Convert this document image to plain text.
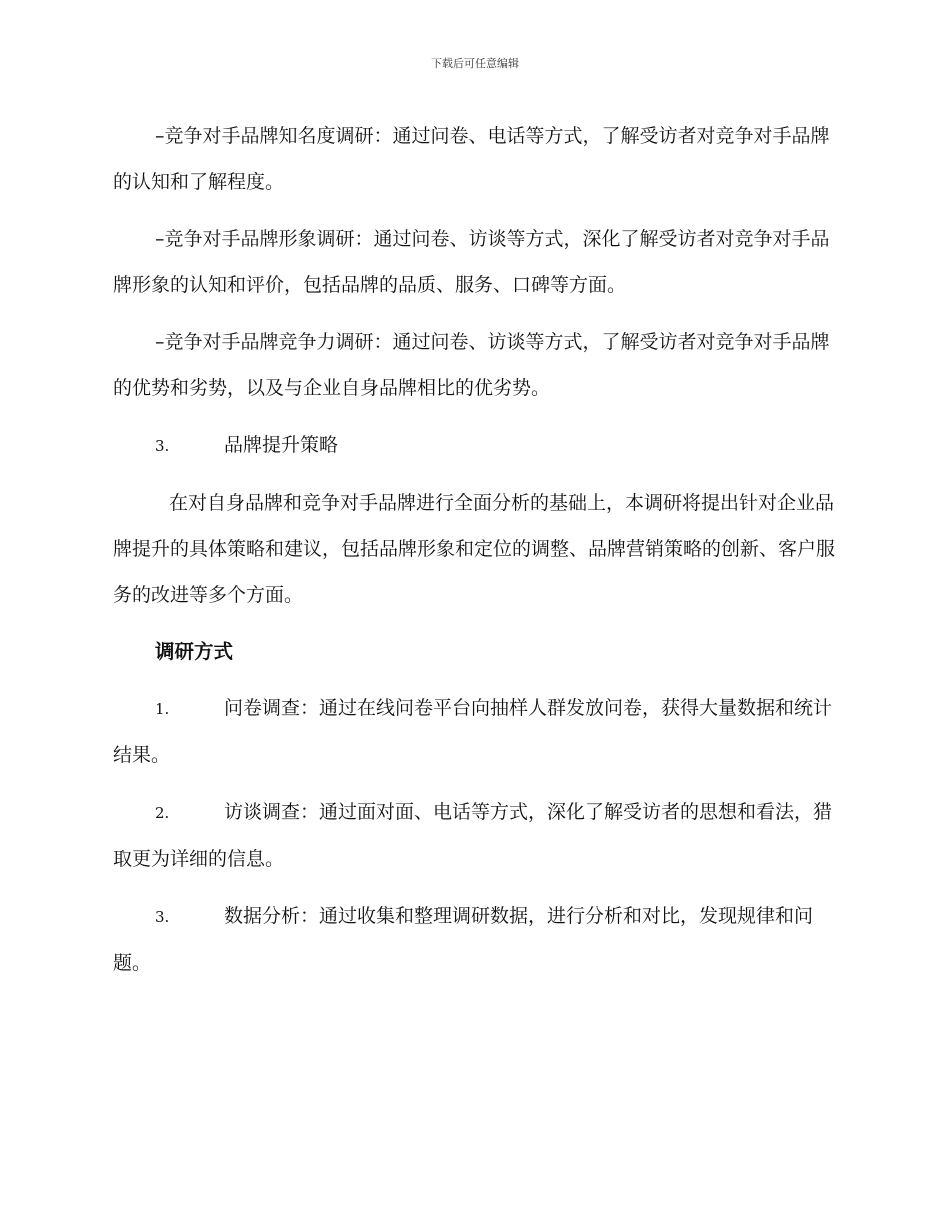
下载后可任意编辑

–竞争对手品牌知名度调研：通过问卷、电话等方式，了解受访者对竞争对手品牌的认知和了解程度。

–竞争对手品牌形象调研：通过问卷、访谈等方式，深化了解受访者对竞争对手品牌形象的认知和评价，包括品牌的品质、服务、口碑等方面。

–竞争对手品牌竞争力调研：通过问卷、访谈等方式，了解受访者对竞争对手品牌的优势和劣势，以及与企业自身品牌相比的优劣势。

3.	品牌提升策略

在对自身品牌和竞争对手品牌进行全面分析的基础上，本调研将提出针对企业品牌提升的具体策略和建议，包括品牌形象和定位的调整、品牌营销策略的创新、客户服务的改进等多个方面。

调研方式

1.	问卷调查：通过在线问卷平台向抽样人群发放问卷，获得大量数据和统计结果。

2.	访谈调查：通过面对面、电话等方式，深化了解受访者的思想和看法，猎取更为详细的信息。

3.	数据分析：通过收集和整理调研数据，进行分析和对比，发现规律和问题。
